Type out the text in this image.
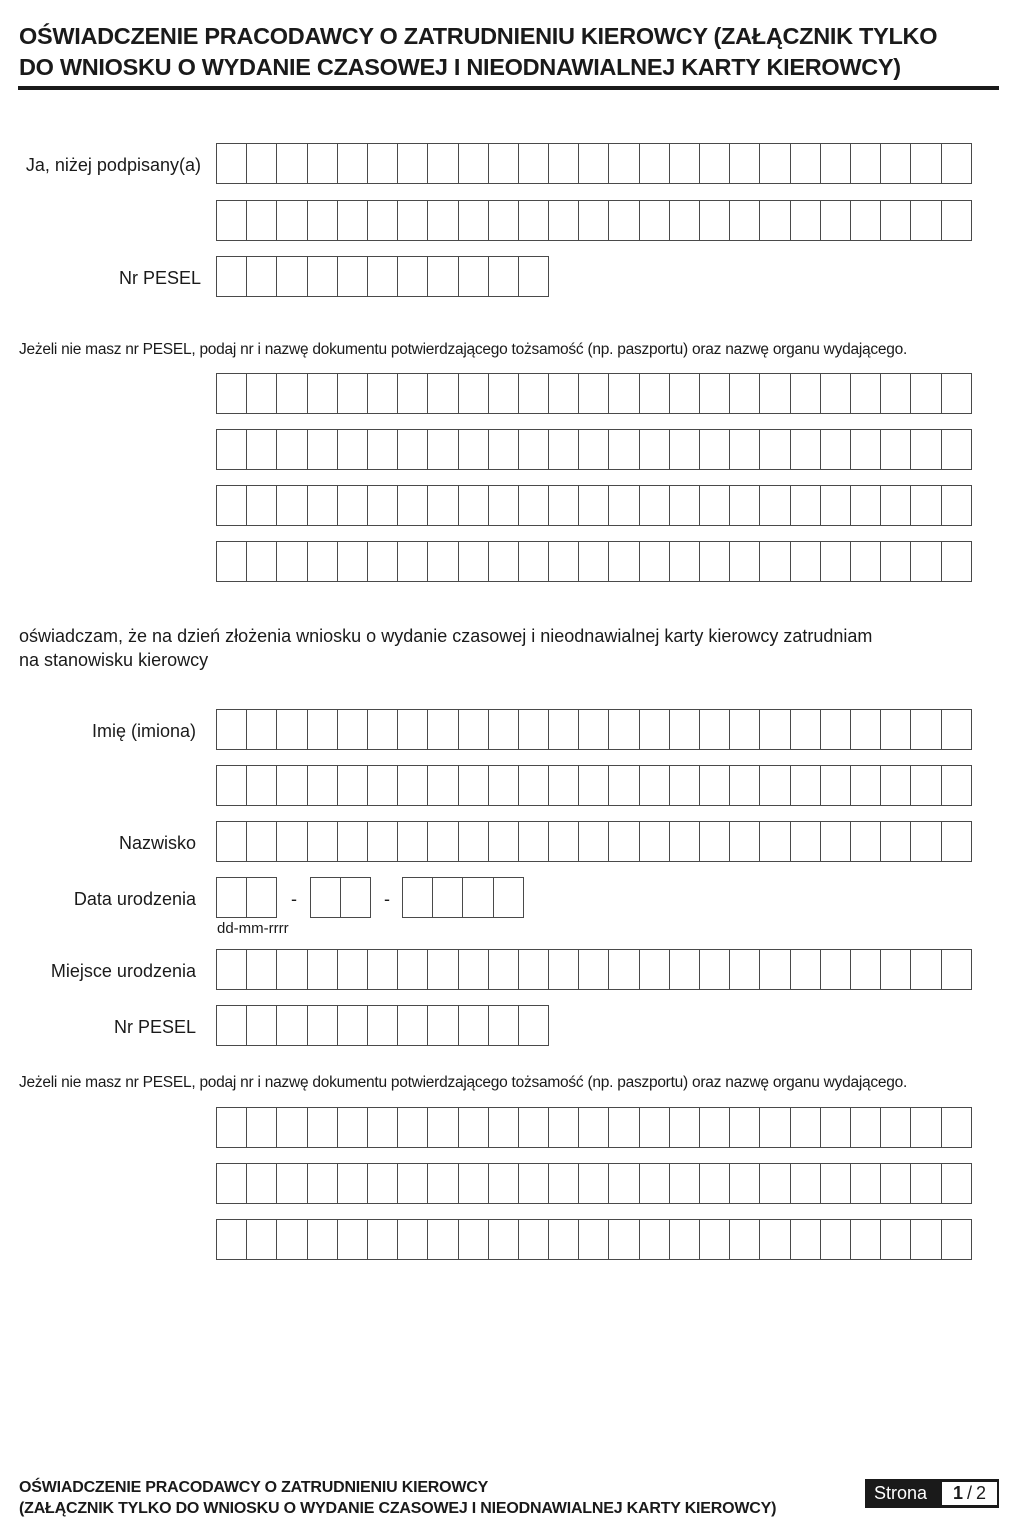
OŚWIADCZENIE PRACODAWCY O ZATRUDNIENIU KIEROWCY (ZAŁĄCZNIK TYLKO
DO WNIOSKU O WYDANIE CZASOWEJ I NIEODNAWIALNEJ KARTY KIEROWCY)
Ja, niżej podpisany(a)
Nr PESEL
Jeżeli nie masz nr PESEL, podaj nr i nazwę dokumentu potwierdzającego tożsamość (np. paszportu) oraz nazwę organu wydającego.
oświadczam, że na dzień złożenia wniosku o wydanie czasowej i nieodnawialnej karty kierowcy zatrudniam
na stanowisku kierowcy
Imię (imiona)
Nazwisko
Data urodzenia	-	-
dd-mm-rrrr
Miejsce urodzenia
Nr PESEL
Jeżeli nie masz nr PESEL, podaj nr i nazwę dokumentu potwierdzającego tożsamość (np. paszportu) oraz nazwę organu wydającego.
OŚWIADCZENIE PRACODAWCY O ZATRUDNIENIU KIEROWCY
(ZAŁĄCZNIK TYLKO DO WNIOSKU O WYDANIE CZASOWEJ I NIEODNAWIALNEJ KARTY KIEROWCY)
Strona	1 / 2
